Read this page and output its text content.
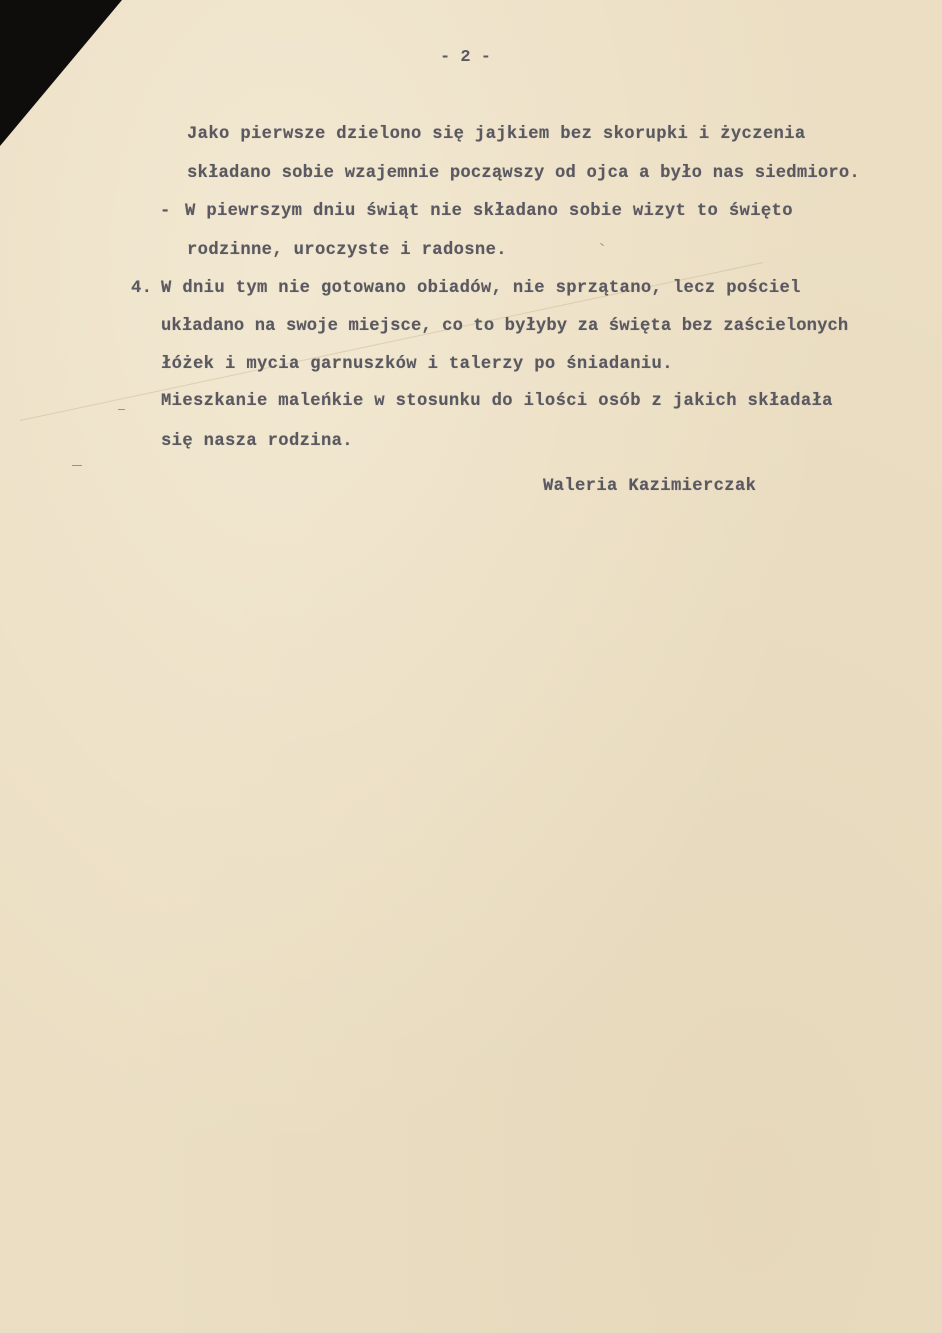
- 2 -
Jako pierwsze dzielono się jajkiem bez skorupki i życzenia
składano sobie wzajemnie począwszy od ojca a było nas siedmioro.
- W piewrszym dniu świąt nie składano sobie wizyt to święto
rodzinne, uroczyste i radosne.
4. W dniu tym nie gotowano obiadów, nie sprzątano, lecz pościel
układano na swoje miejsce, co to byłyby za święta bez zaścielonych
łóżek i mycia garnuszków i talerzy po śniadaniu.
Mieszkanie maleńkie w stosunku do ilości osób z jakich składała
się nasza rodzina.
Waleria Kazimierczak
